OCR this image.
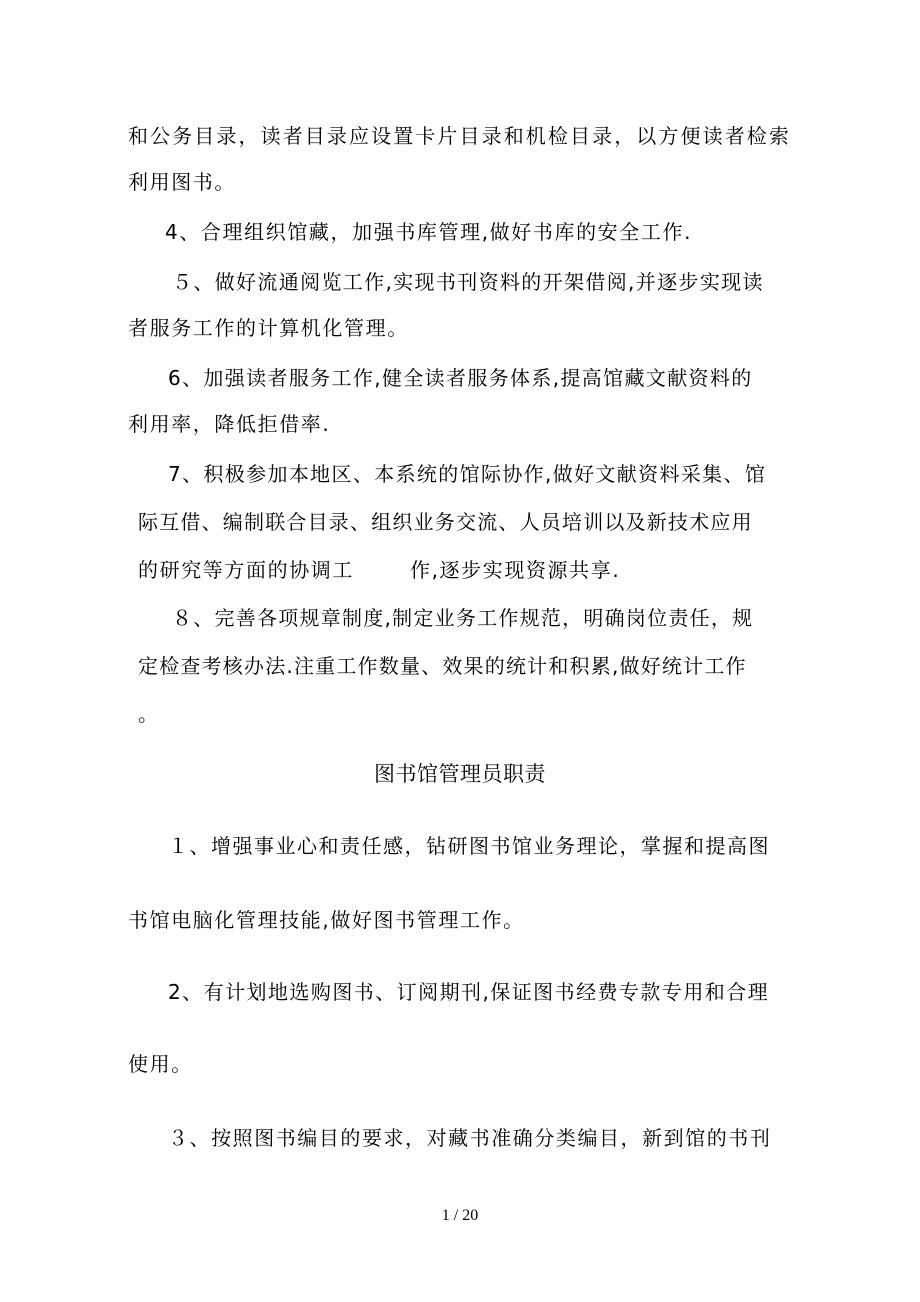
和公务目录，读者目录应设置卡片目录和机检目录，以方便读者检索
利用图书。
4、合理组织馆藏，加强书库管理,做好书库的安全工作.
５、做好流通阅览工作,实现书刊资料的开架借阅,并逐步实现读
者服务工作的计算机化管理。
6、加强读者服务工作,健全读者服务体系,提高馆藏文献资料的
利用率，降低拒借率.
7、积极参加本地区、本系统的馆际协作,做好文献资料采集、馆
际互借、编制联合目录、组织业务交流、人员培训以及新技术应用
的研究等方面的协调工	作,逐步实现资源共享.
８、完善各项规章制度,制定业务工作规范，明确岗位责任，规
定检查考核办法.注重工作数量、效果的统计和积累,做好统计工作
。
图书馆管理员职责
１、增强事业心和责任感，钻研图书馆业务理论，掌握和提高图
书馆电脑化管理技能,做好图书管理工作。
2、有计划地选购图书、订阅期刊,保证图书经费专款专用和合理
使用。
３、按照图书编目的要求，对藏书准确分类编目，新到馆的书刊
1 / 20
